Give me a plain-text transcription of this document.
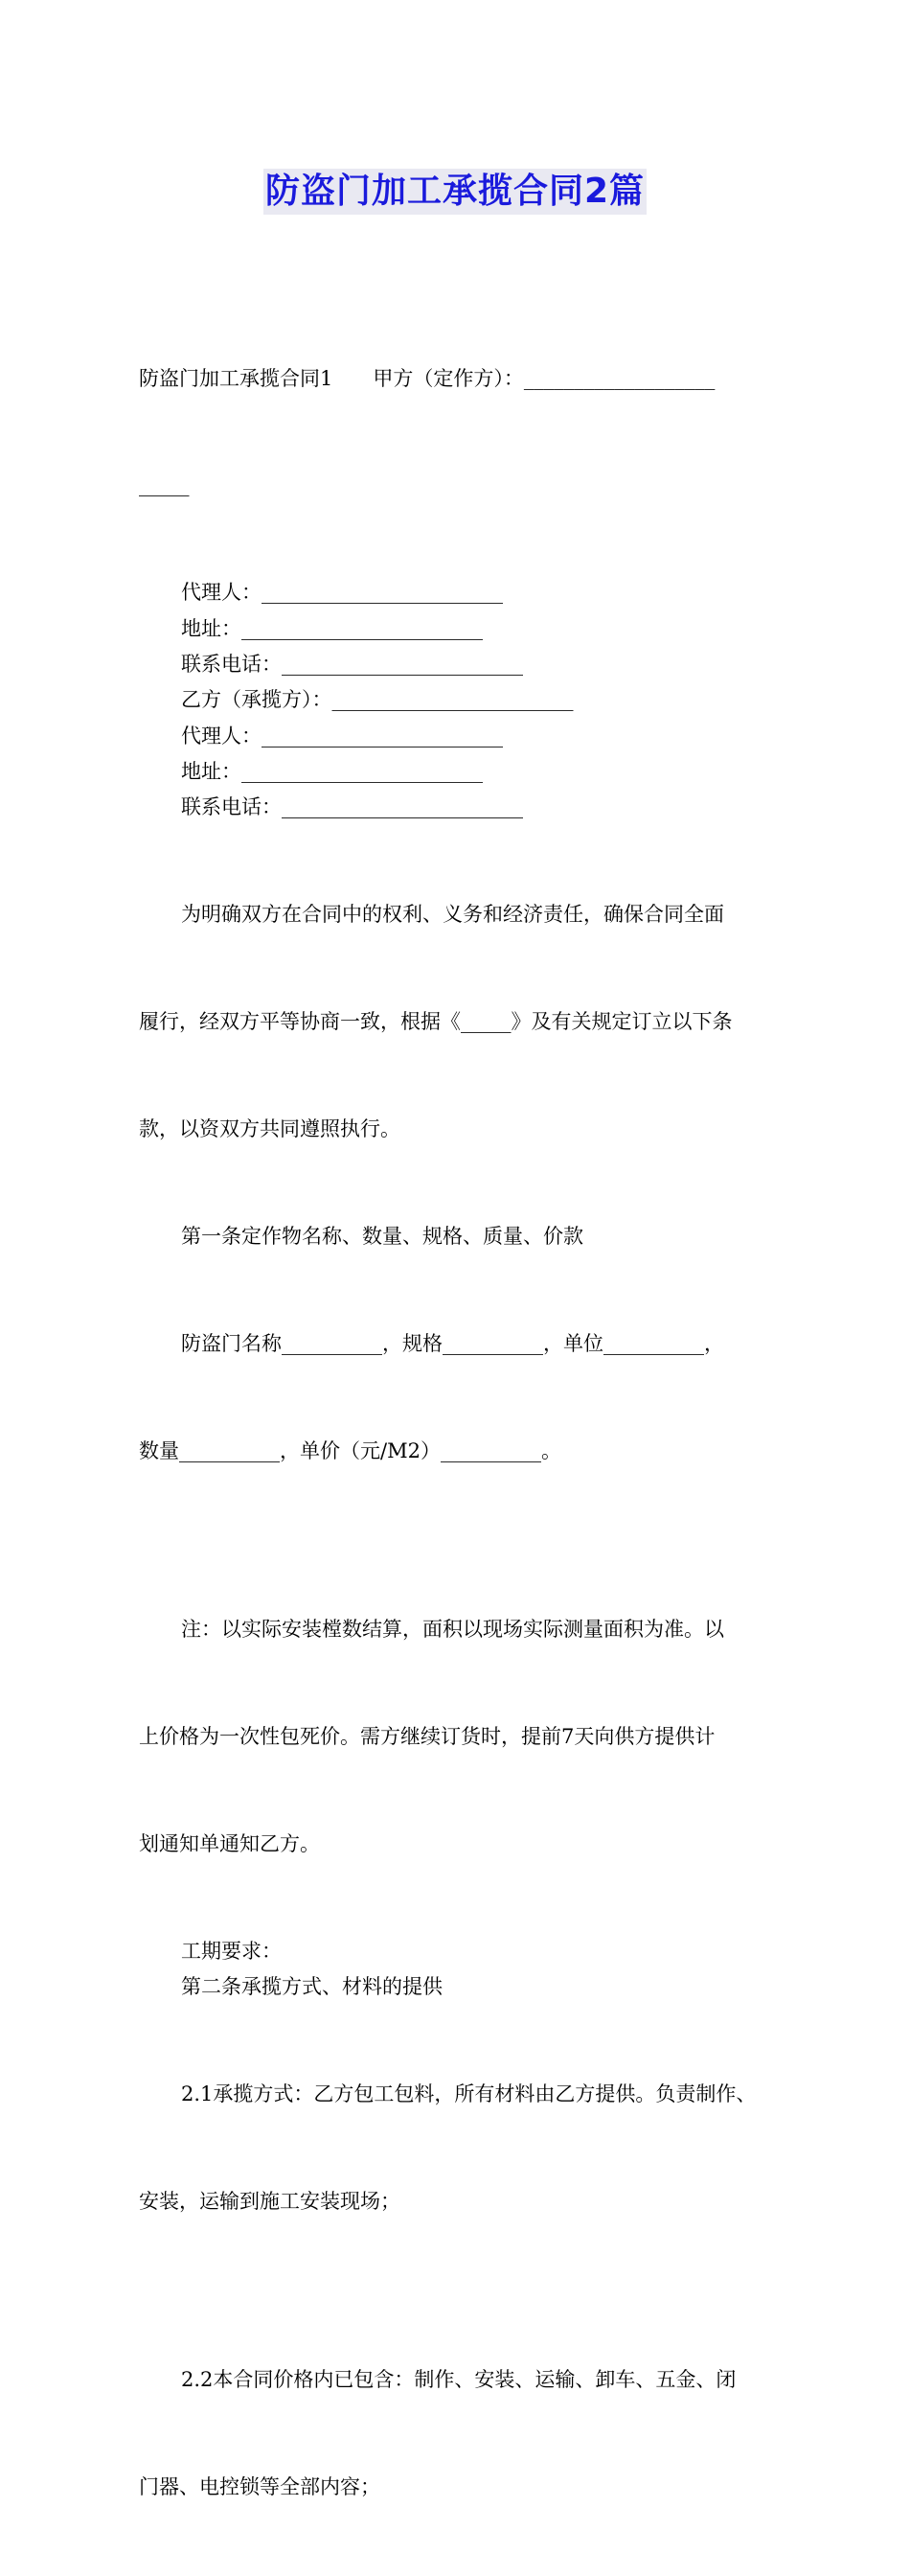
防盗门加工承揽合同2篇

防盗门加工承揽合同1　　甲方（定作方）：___________________

_____

代理人：________________________

地址：________________________

联系电话：________________________

乙方（承揽方）：________________________

代理人：________________________

地址：________________________

联系电话：________________________

为明确双方在合同中的权利、义务和经济责任，确保合同全面

履行，经双方平等协商一致，根据《_____》及有关规定订立以下条

款，以资双方共同遵照执行。

第一条定作物名称、数量、规格、质量、价款

防盗门名称__________，规格__________，单位__________，

数量__________，单价（元/M2）__________。

注：以实际安装樘数结算，面积以现场实际测量面积为准。以

上价格为一次性包死价。需方继续订货时，提前7天向供方提供计

划通知单通知乙方。

工期要求：

第二条承揽方式、材料的提供

2.1承揽方式：乙方包工包料，所有材料由乙方提供。负责制作、

安装，运输到施工安装现场；

2.2本合同价格内已包含：制作、安装、运输、卸车、五金、闭

门器、电控锁等全部内容；
